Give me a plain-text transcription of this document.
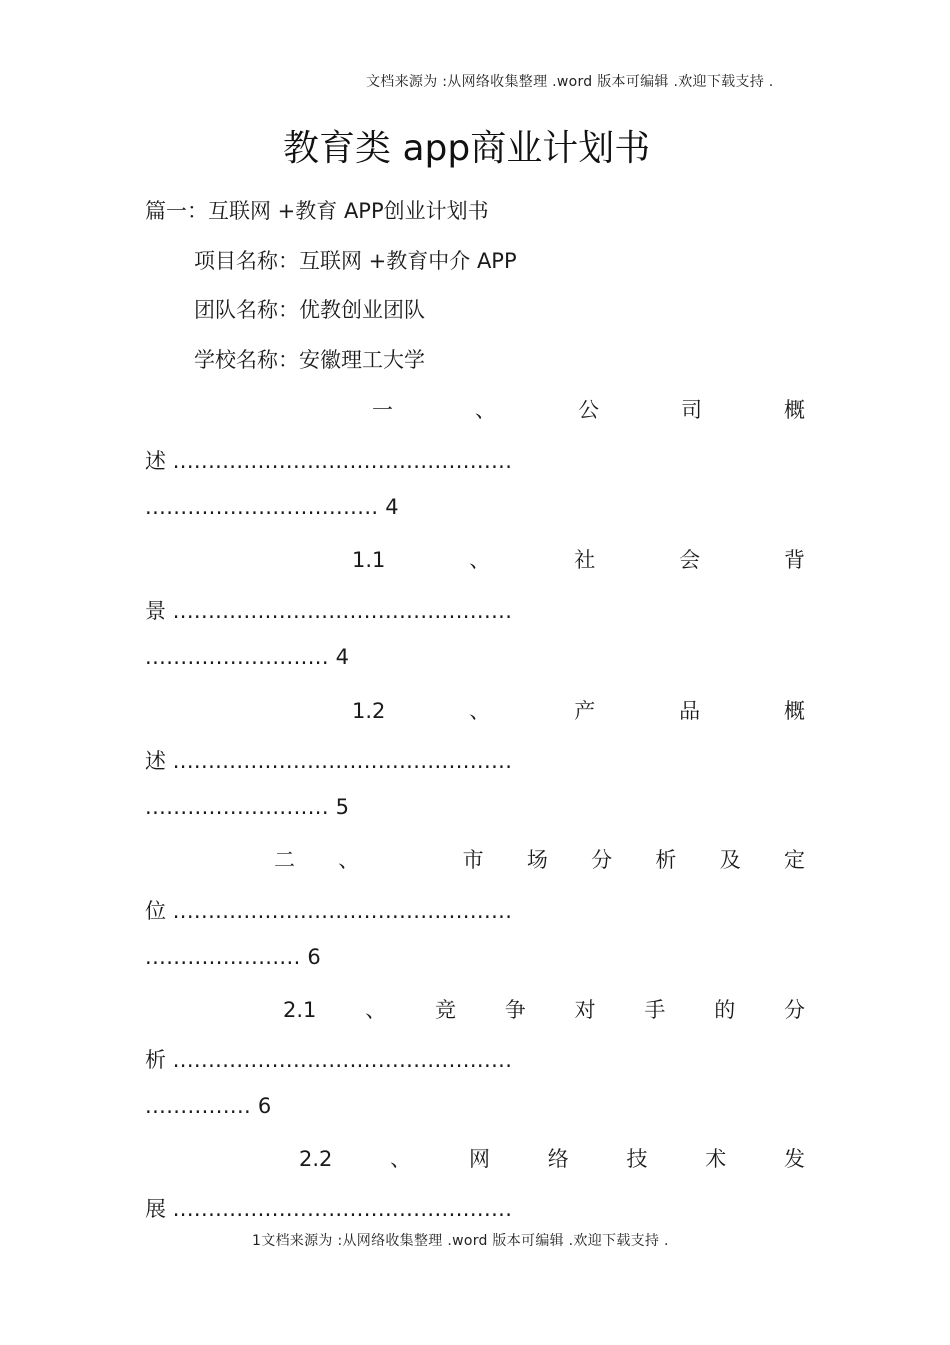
文档来源为 :从网络收集整理 .word 版本可编辑 .欢迎下载支持 .
教育类 app商业计划书
篇一：互联网 +教育 APP创业计划书
项目名称：互联网 +教育中介 APP
团队名称：优教创业团队
学校名称：安徽理工大学
一	、	公	司	概
述 ................................................
................................. 4
1.1	、	社	会	背
景 ................................................
.......................... 4
1.2	、	产	品	概
述 ................................................
.......................... 5
二 、	市 场 分 析 及 定
位 ................................................
...................... 6
2.1 、 竞 争 对 手 的 分
析 ................................................
............... 6
2.2	、	网	络	技	术	发
展 ................................................
1文档来源为 :从网络收集整理 .word 版本可编辑 .欢迎下载支持 .
